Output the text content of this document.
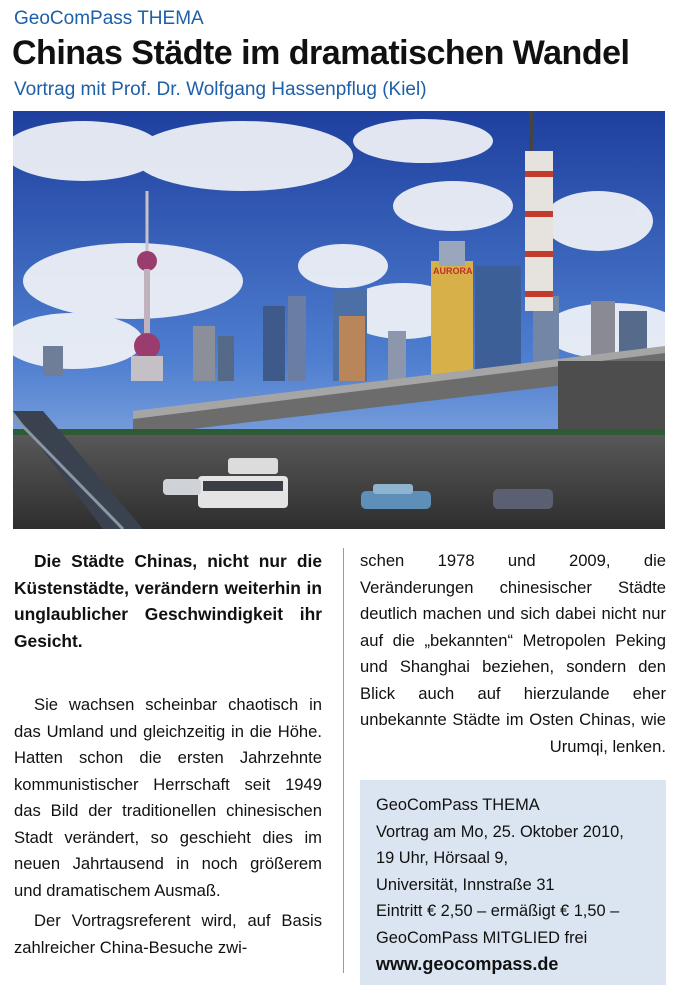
GeoComPass THEMA
Chinas Städte im dramatischen Wandel
Vortrag mit Prof. Dr. Wolfgang Hassenpflug (Kiel)
AURORA

Die Städte Chinas, nicht nur die Küstenstädte, verändern weiterhin in unglaublicher Geschwindigkeit ihr Gesicht.

Sie wachsen scheinbar chaotisch in das Umland und gleichzeitig in die Höhe. Hatten schon die ersten Jahrzehnte kommunistischer Herrschaft seit 1949 das Bild der traditionellen chinesischen Stadt verändert, so geschieht dies im neuen Jahrtausend in noch größerem und dramatischem Ausmaß.

Der Vortragsreferent wird, auf Basis zahlreicher China-Besuche zwi-

schen 1978 und 2009, die Veränderungen chinesischer Städte deutlich machen und sich dabei nicht nur auf die „bekannten“ Metropolen Peking und Shanghai beziehen, sondern den Blick auch auf hierzulande eher unbekannte Städte im Osten Chinas, wie Urumqi, lenken.

GeoComPass THEMA
Vortrag am Mo, 25. Oktober 2010,
19 Uhr, Hörsaal 9,
Universität, Innstraße 31
Eintritt € 2,50 – ermäßigt € 1,50 –
GeoComPass MITGLIED frei
www.geocompass.de
